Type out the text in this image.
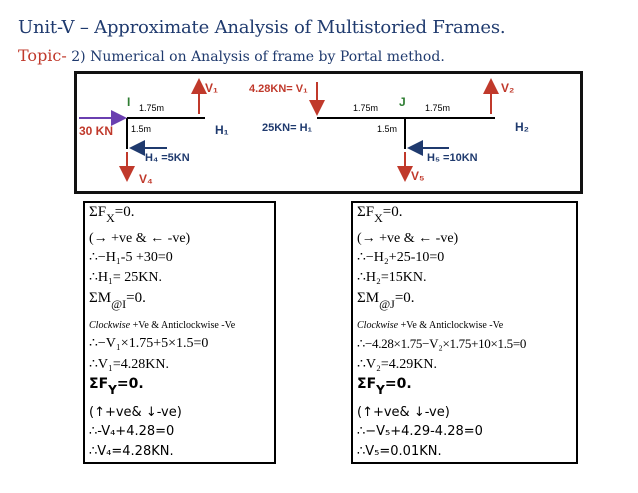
Unit-V – Approximate Analysis of Multistoried Frames.
Topic- 2) Numerical on Analysis of frame by Portal method.
I 1.75m
1.5m
30 KN
V₁
H₁
H₄ =5KN
V₄
4.28KN= V₁
25KN= H₁
J
1.75m	1.75m
1.5m
V₂
H₂
H₅ =10KN
V₅
$\Sigma F_X=0$.
(→ +ve & ← -ve)
∴−H₁-5 +30=0
∴H₁= 25KN.
$\Sigma M_{@I}=0$.
Clockwise +Ve & Anticlockwise -Ve
∴−V₁×1.75+5×1.5=0
∴V₁=4.28KN.
ΣFY=0.
(↑+ve& ↓-ve)
∴-V₄+4.28=0
∴V₄=4.28KN.
$\Sigma F_X=0$.
(→ +ve & ← -ve)
∴−H₂+25-10=0
∴H₂=15KN.
$\Sigma M_{@J}=0$.
Clockwise +Ve & Anticlockwise -Ve
∴−4.28×1.75−V₂×1.75+10×1.5=0
∴V₂=4.29KN.
ΣFY=0.
(↑+ve& ↓-ve)
∴−V₅+4.29-4.28=0
∴V₅=0.01KN.
